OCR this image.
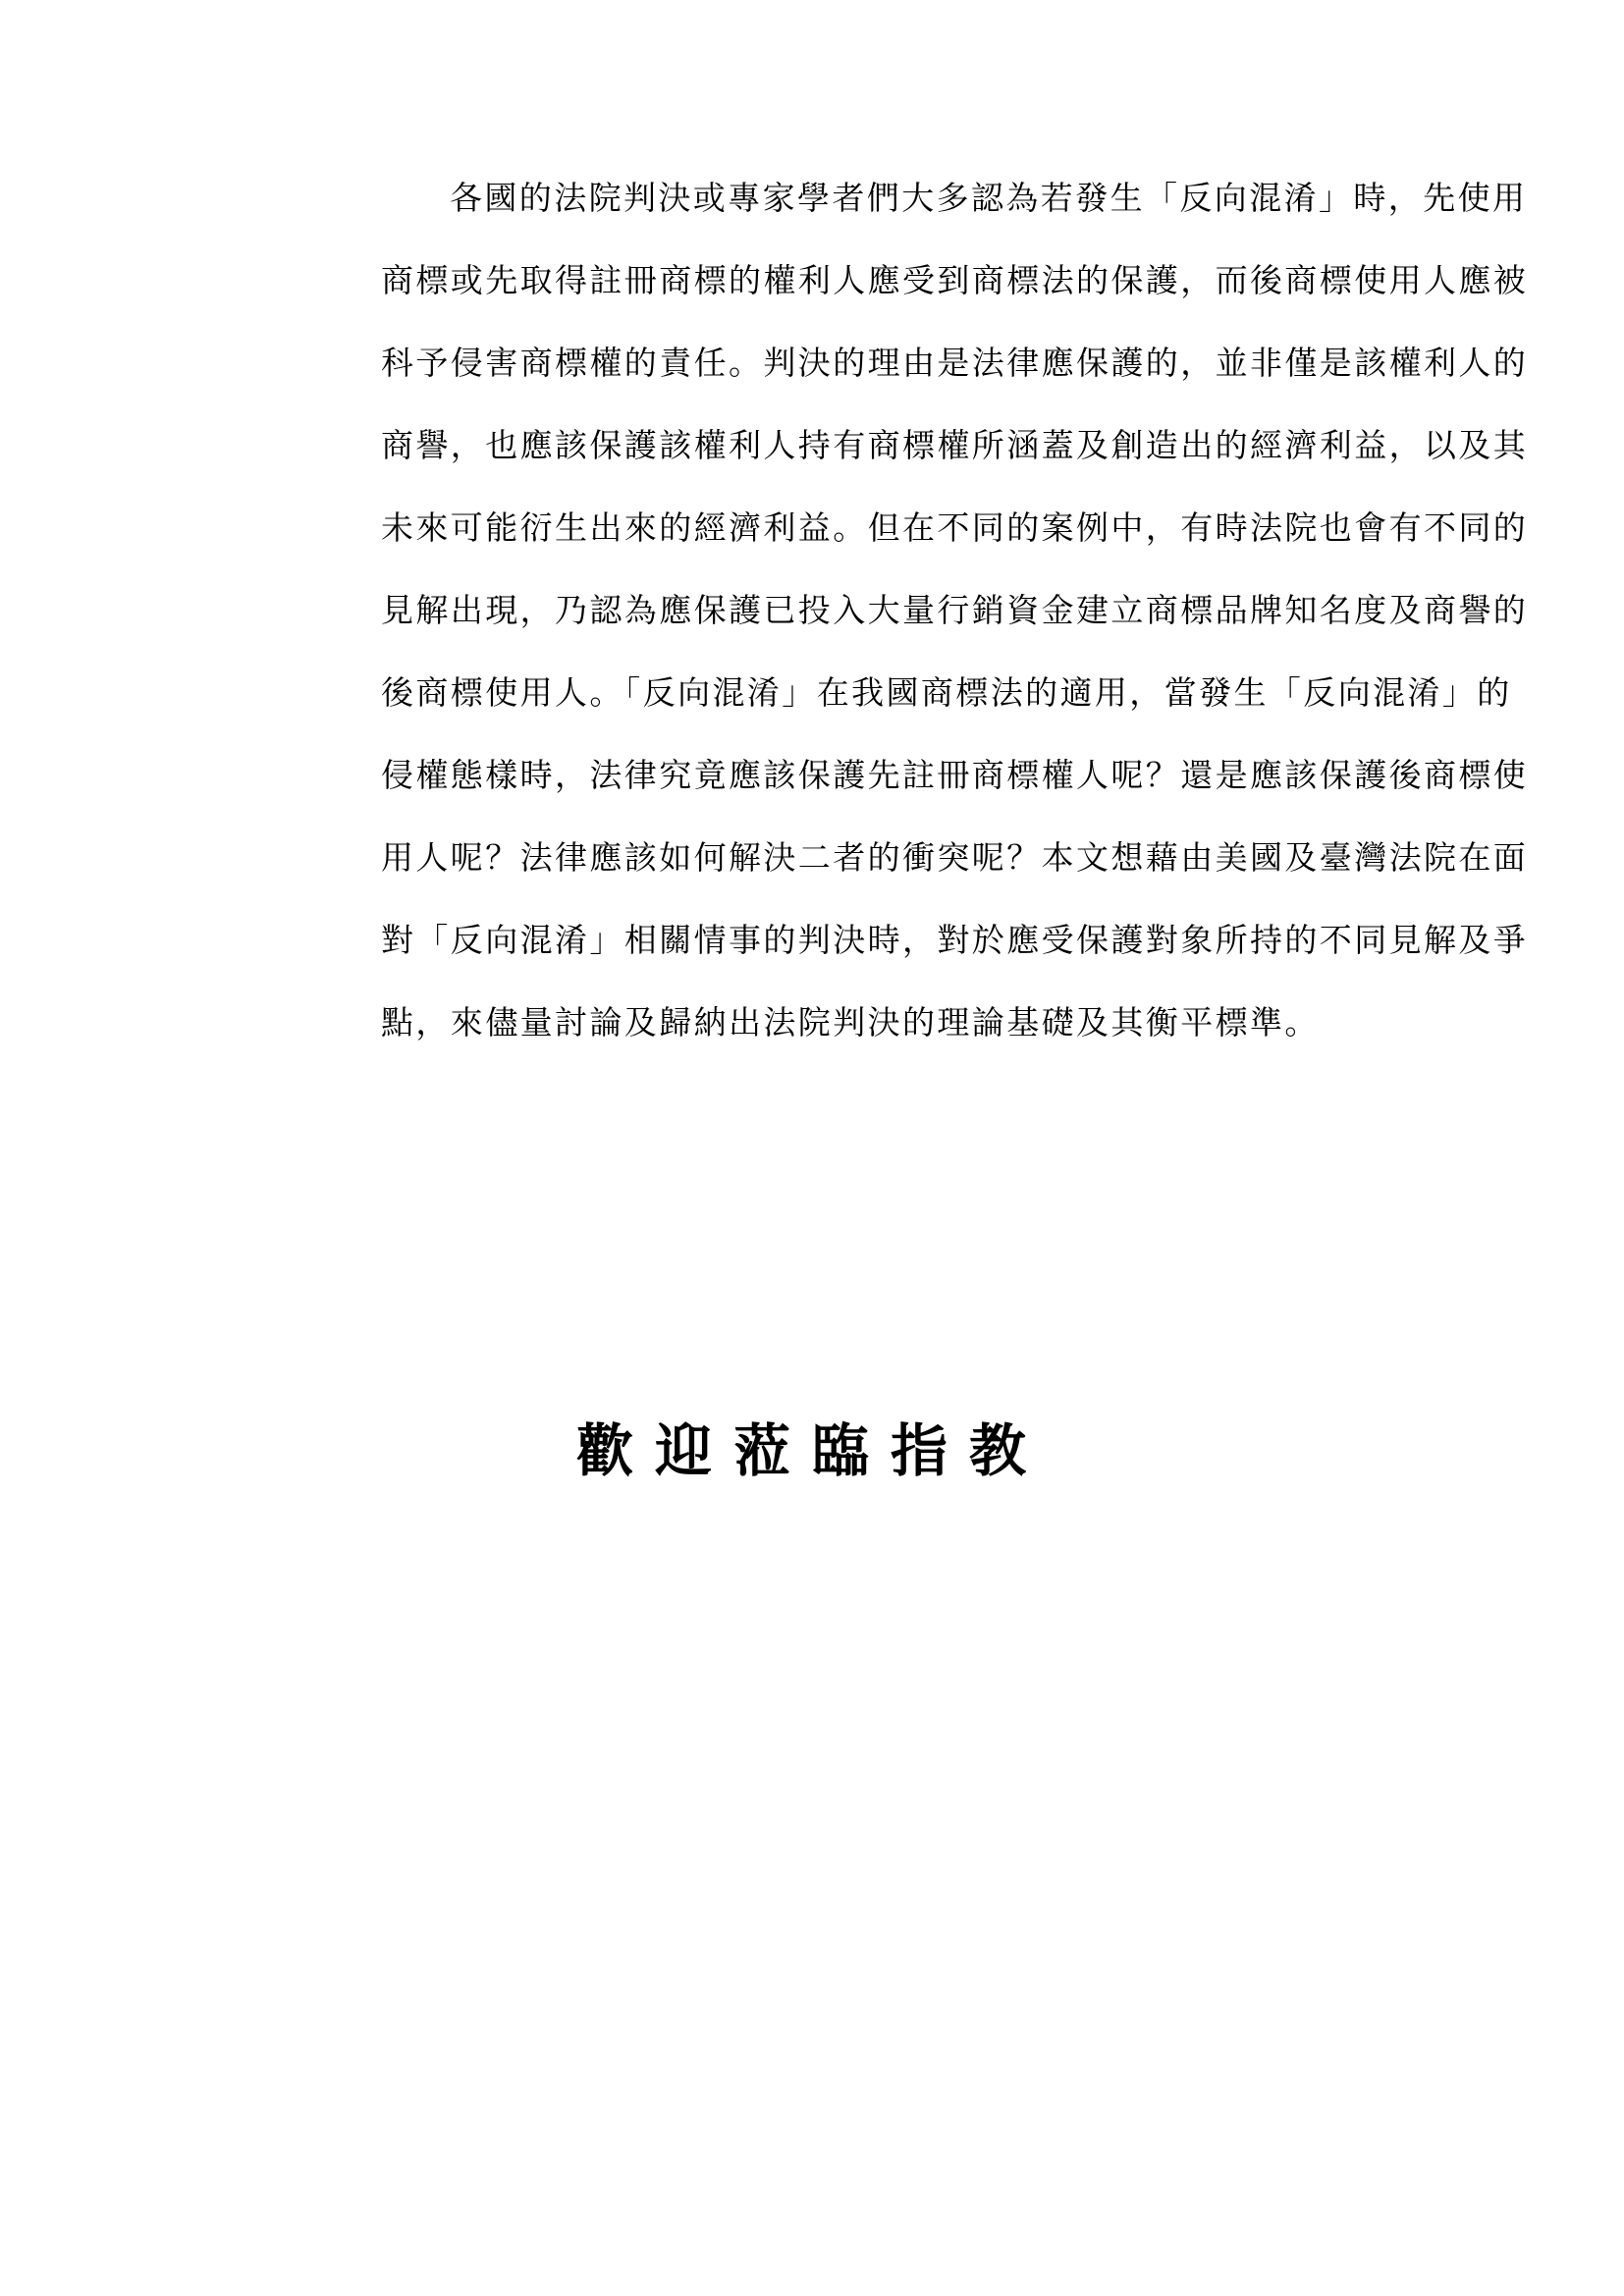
各國的法院判決或專家學者們大多認為若發生「反向混淆」時，先使用
商標或先取得註冊商標的權利人應受到商標法的保護，而後商標使用人應被
科予侵害商標權的責任。判決的理由是法律應保護的，並非僅是該權利人的
商譽，也應該保護該權利人持有商標權所涵蓋及創造出的經濟利益，以及其
未來可能衍生出來的經濟利益。但在不同的案例中，有時法院也會有不同的
見解出現，乃認為應保護已投入大量行銷資金建立商標品牌知名度及商譽的
後商標使用人。「反向混淆」在我國商標法的適用，當發生「反向混淆」的
侵權態樣時，法律究竟應該保護先註冊商標權人呢？還是應該保護後商標使
用人呢？法律應該如何解決二者的衝突呢？本文想藉由美國及臺灣法院在面
對「反向混淆」相關情事的判決時，對於應受保護對象所持的不同見解及爭
點，來儘量討論及歸納出法院判決的理論基礎及其衡平標準。
歡迎蒞臨指教
